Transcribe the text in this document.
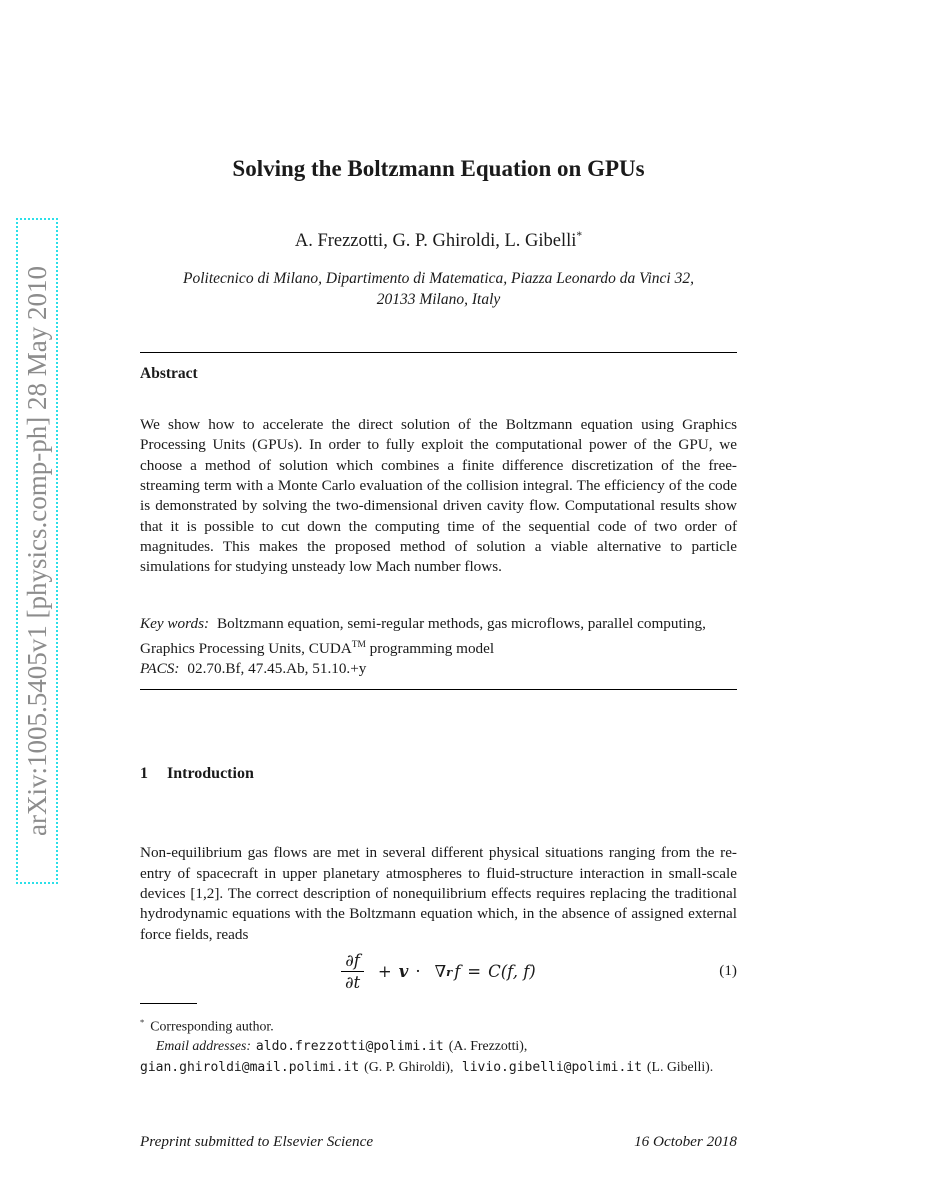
arXiv:1005.5405v1 [physics.comp-ph] 28 May 2010
Solving the Boltzmann Equation on GPUs
A. Frezzotti, G. P. Ghiroldi, L. Gibelli*
Politecnico di Milano, Dipartimento di Matematica, Piazza Leonardo da Vinci 32,
20133 Milano, Italy
Abstract

We show how to accelerate the direct solution of the Boltzmann equation using Graphics Processing Units (GPUs). In order to fully exploit the computational power of the GPU, we choose a method of solution which combines a finite difference discretization of the free-streaming term with a Monte Carlo evaluation of the collision integral. The efficiency of the code is demonstrated by solving the two-dimensional driven cavity flow. Computational results show that it is possible to cut down the computing time of the sequential code of two order of magnitudes. This makes the proposed method of solution a viable alternative to particle simulations for studying unsteady low Mach number flows.

Key words: Boltzmann equation, semi-regular methods, gas microflows, parallel computing, Graphics Processing Units, CUDA™ programming model
PACS: 02.70.Bf, 47.45.Ab, 51.10.+y
1 Introduction

Non-equilibrium gas flows are met in several different physical situations ranging from the re-entry of spacecraft in upper planetary atmospheres to fluid-structure interaction in small-scale devices [1,2]. The correct description of nonequilibrium effects requires replacing the traditional hydrodynamic equations with the Boltzmann equation which, in the absence of assigned external force fields, reads

$\frac{\partial f}{\partial t} + v$ · ∇ r f = C (f, f)	(1)
* Corresponding author.
Email addresses: aldo.frezzotti@polimi.it (A. Frezzotti), gian.ghiroldi@mail.polimi.it (G. P. Ghiroldi), livio.gibelli@polimi.it (L. Gibelli).
Preprint submitted to Elsevier Science	16 October 2018
